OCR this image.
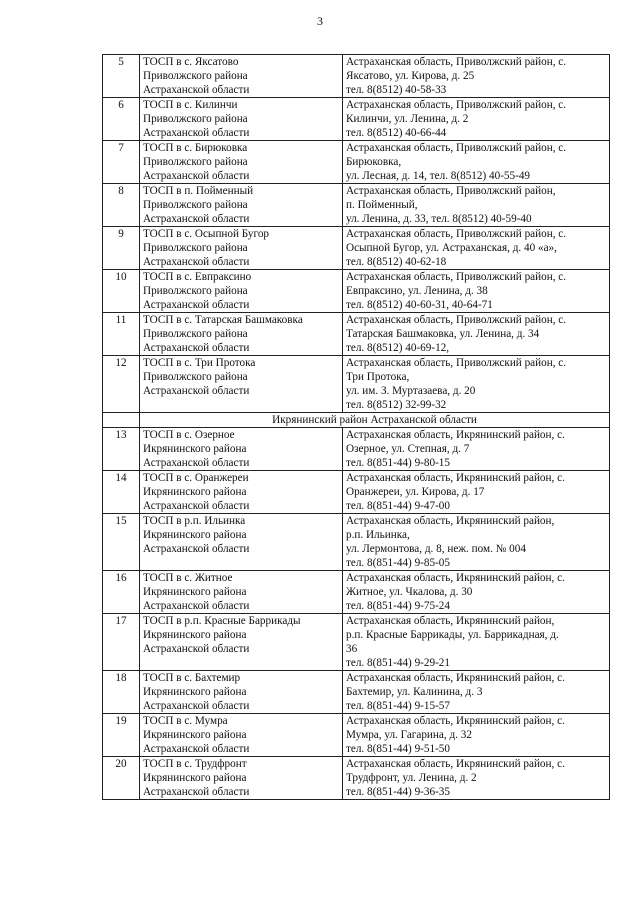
3
5	ТОСП в с. Яксатово
Приволжского района
Астраханской области	Астраханская область, Приволжский район, с.
Яксатово, ул. Кирова, д. 25
тел. 8(8512) 40-58-33

6	ТОСП в с. Килинчи
Приволжского района
Астраханской области	Астраханская область, Приволжский район, с.
Килинчи, ул. Ленина, д. 2
тел. 8(8512) 40-66-44

7	ТОСП в с. Бирюковка
Приволжского района
Астраханской области	Астраханская область, Приволжский район, с.
Бирюковка,
ул. Лесная, д. 14, тел. 8(8512) 40-55-49

8	ТОСП в п. Пойменный
Приволжского района
Астраханской области	Астраханская область, Приволжский район,
п. Пойменный,
ул. Ленина, д. 33, тел. 8(8512) 40-59-40

9	ТОСП в с. Осыпной Бугор
Приволжского района
Астраханской области	Астраханская область, Приволжский район, с.
Осыпной Бугор, ул. Астраханская, д. 40 «а»,
тел. 8(8512) 40-62-18

10	ТОСП в с. Евпраксино
Приволжского района
Астраханской области	Астраханская область, Приволжский район, с.
Евпраксино, ул. Ленина, д. 38
тел. 8(8512) 40-60-31, 40-64-71

11	ТОСП в с. Татарская Башмаковка
Приволжского района
Астраханской области	Астраханская область, Приволжский район, с.
Татарская Башмаковка, ул. Ленина, д. 34
тел. 8(8512) 40-69-12,

12	ТОСП в с. Три Протока
Приволжского района
Астраханской области	Астраханская область, Приволжский район, с.
Три Протока,
ул. им. З. Муртазаева, д. 20
тел. 8(8512) 32-99-32

	Икрянинский район Астраханской области	
13	ТОСП в с. Озерное
Икрянинского района
Астраханской области	Астраханская область, Икрянинский район, с.
Озерное, ул. Степная, д. 7
тел. 8(851-44) 9-80-15

14	ТОСП в с. Оранжереи
Икрянинского района
Астраханской области	Астраханская область, Икрянинский район, с.
Оранжереи, ул. Кирова, д. 17
тел. 8(851-44) 9-47-00

15	ТОСП в р.п. Ильинка
Икрянинского района
Астраханской области	Астраханская область, Икрянинский район,
р.п. Ильинка,
ул. Лермонтова, д. 8, неж. пом. № 004
тел. 8(851-44) 9-85-05

16	ТОСП в с. Житное
Икрянинского района
Астраханской области	Астраханская область, Икрянинский район, с.
Житное, ул. Чкалова, д. 30
тел. 8(851-44) 9-75-24

17	ТОСП в р.п. Красные Баррикады
Икрянинского района
Астраханской области	Астраханская область, Икрянинский район,
р.п. Красные Баррикады, ул. Баррикадная, д.
36
тел. 8(851-44) 9-29-21

18	ТОСП в с. Бахтемир
Икрянинского района
Астраханской области	Астраханская область, Икрянинский район, с.
Бахтемир, ул. Калинина, д. 3
тел. 8(851-44) 9-15-57

19	ТОСП в с. Мумра
Икрянинского района
Астраханской области	Астраханская область, Икрянинский район, с.
Мумра, ул. Гагарина, д. 32
тел. 8(851-44) 9-51-50

20	ТОСП в с. Трудфронт
Икрянинского района
Астраханской области	Астраханская область, Икрянинский район, с.
Трудфронт, ул. Ленина, д. 2
тел. 8(851-44) 9-36-35
